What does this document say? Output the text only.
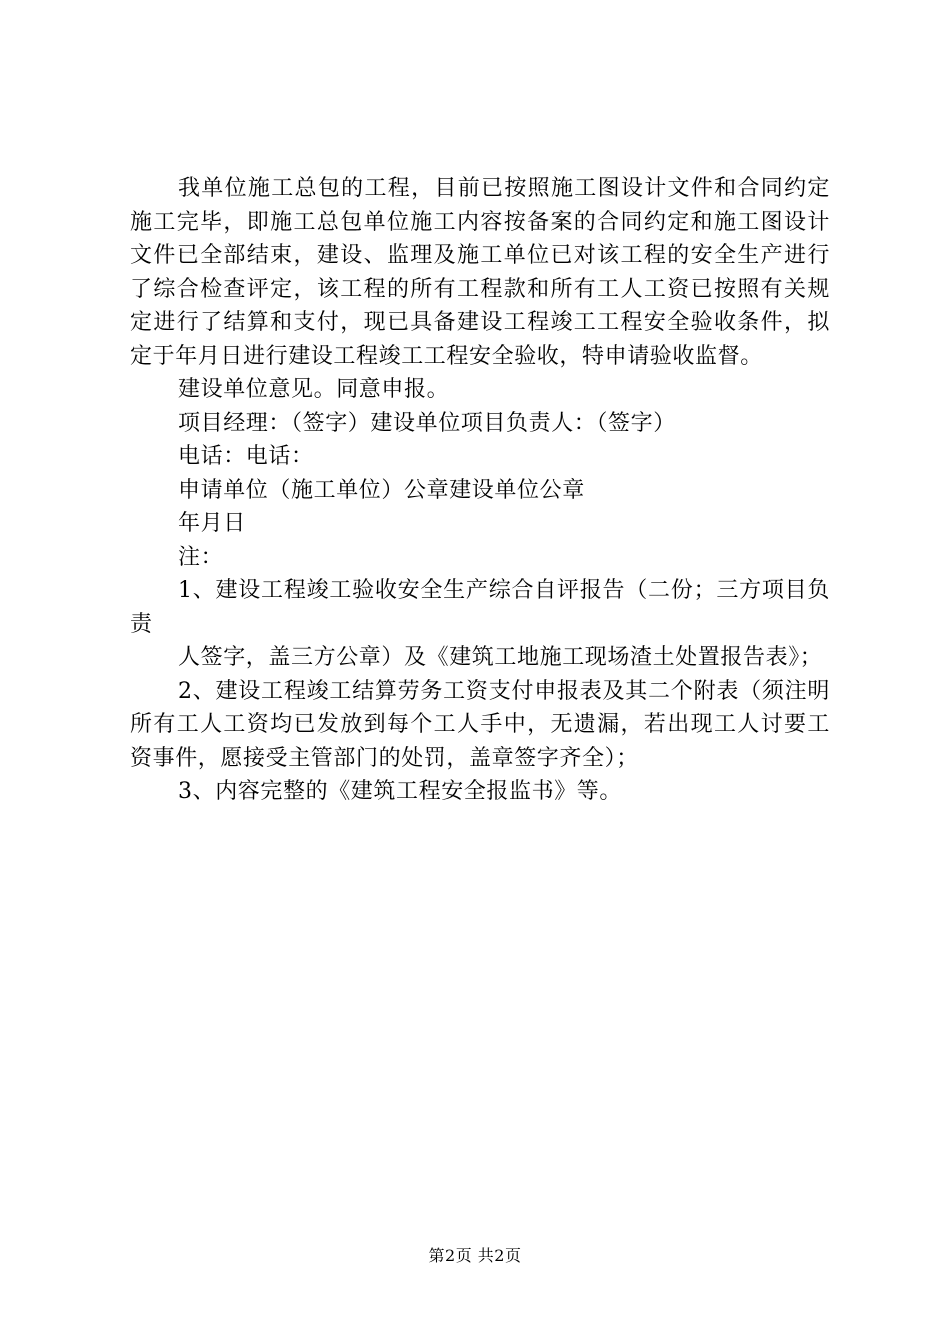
我单位施工总包的工程，目前已按照施工图设计文件和合同约定施工完毕，即施工总包单位施工内容按备案的合同约定和施工图设计文件已全部结束，建设、监理及施工单位已对该工程的安全生产进行了综合检查评定，该工程的所有工程款和所有工人工资已按照有关规定进行了结算和支付，现已具备建设工程竣工工程安全验收条件，拟定于年月日进行建设工程竣工工程安全验收，特申请验收监督。

建设单位意见。同意申报。

项目经理：（签字）建设单位项目负责人：（签字）

电话：电话：

申请单位（施工单位）公章建设单位公章

年月日

注：

1、建设工程竣工验收安全生产综合自评报告（二份；三方项目负责

人签字，盖三方公章）及《建筑工地施工现场渣土处置报告表》；

2、建设工程竣工结算劳务工资支付申报表及其二个附表（须注明所有工人工资均已发放到每个工人手中，无遗漏，若出现工人讨要工资事件，愿接受主管部门的处罚，盖章签字齐全）；

3、内容完整的《建筑工程安全报监书》等。

第2页 共2页
